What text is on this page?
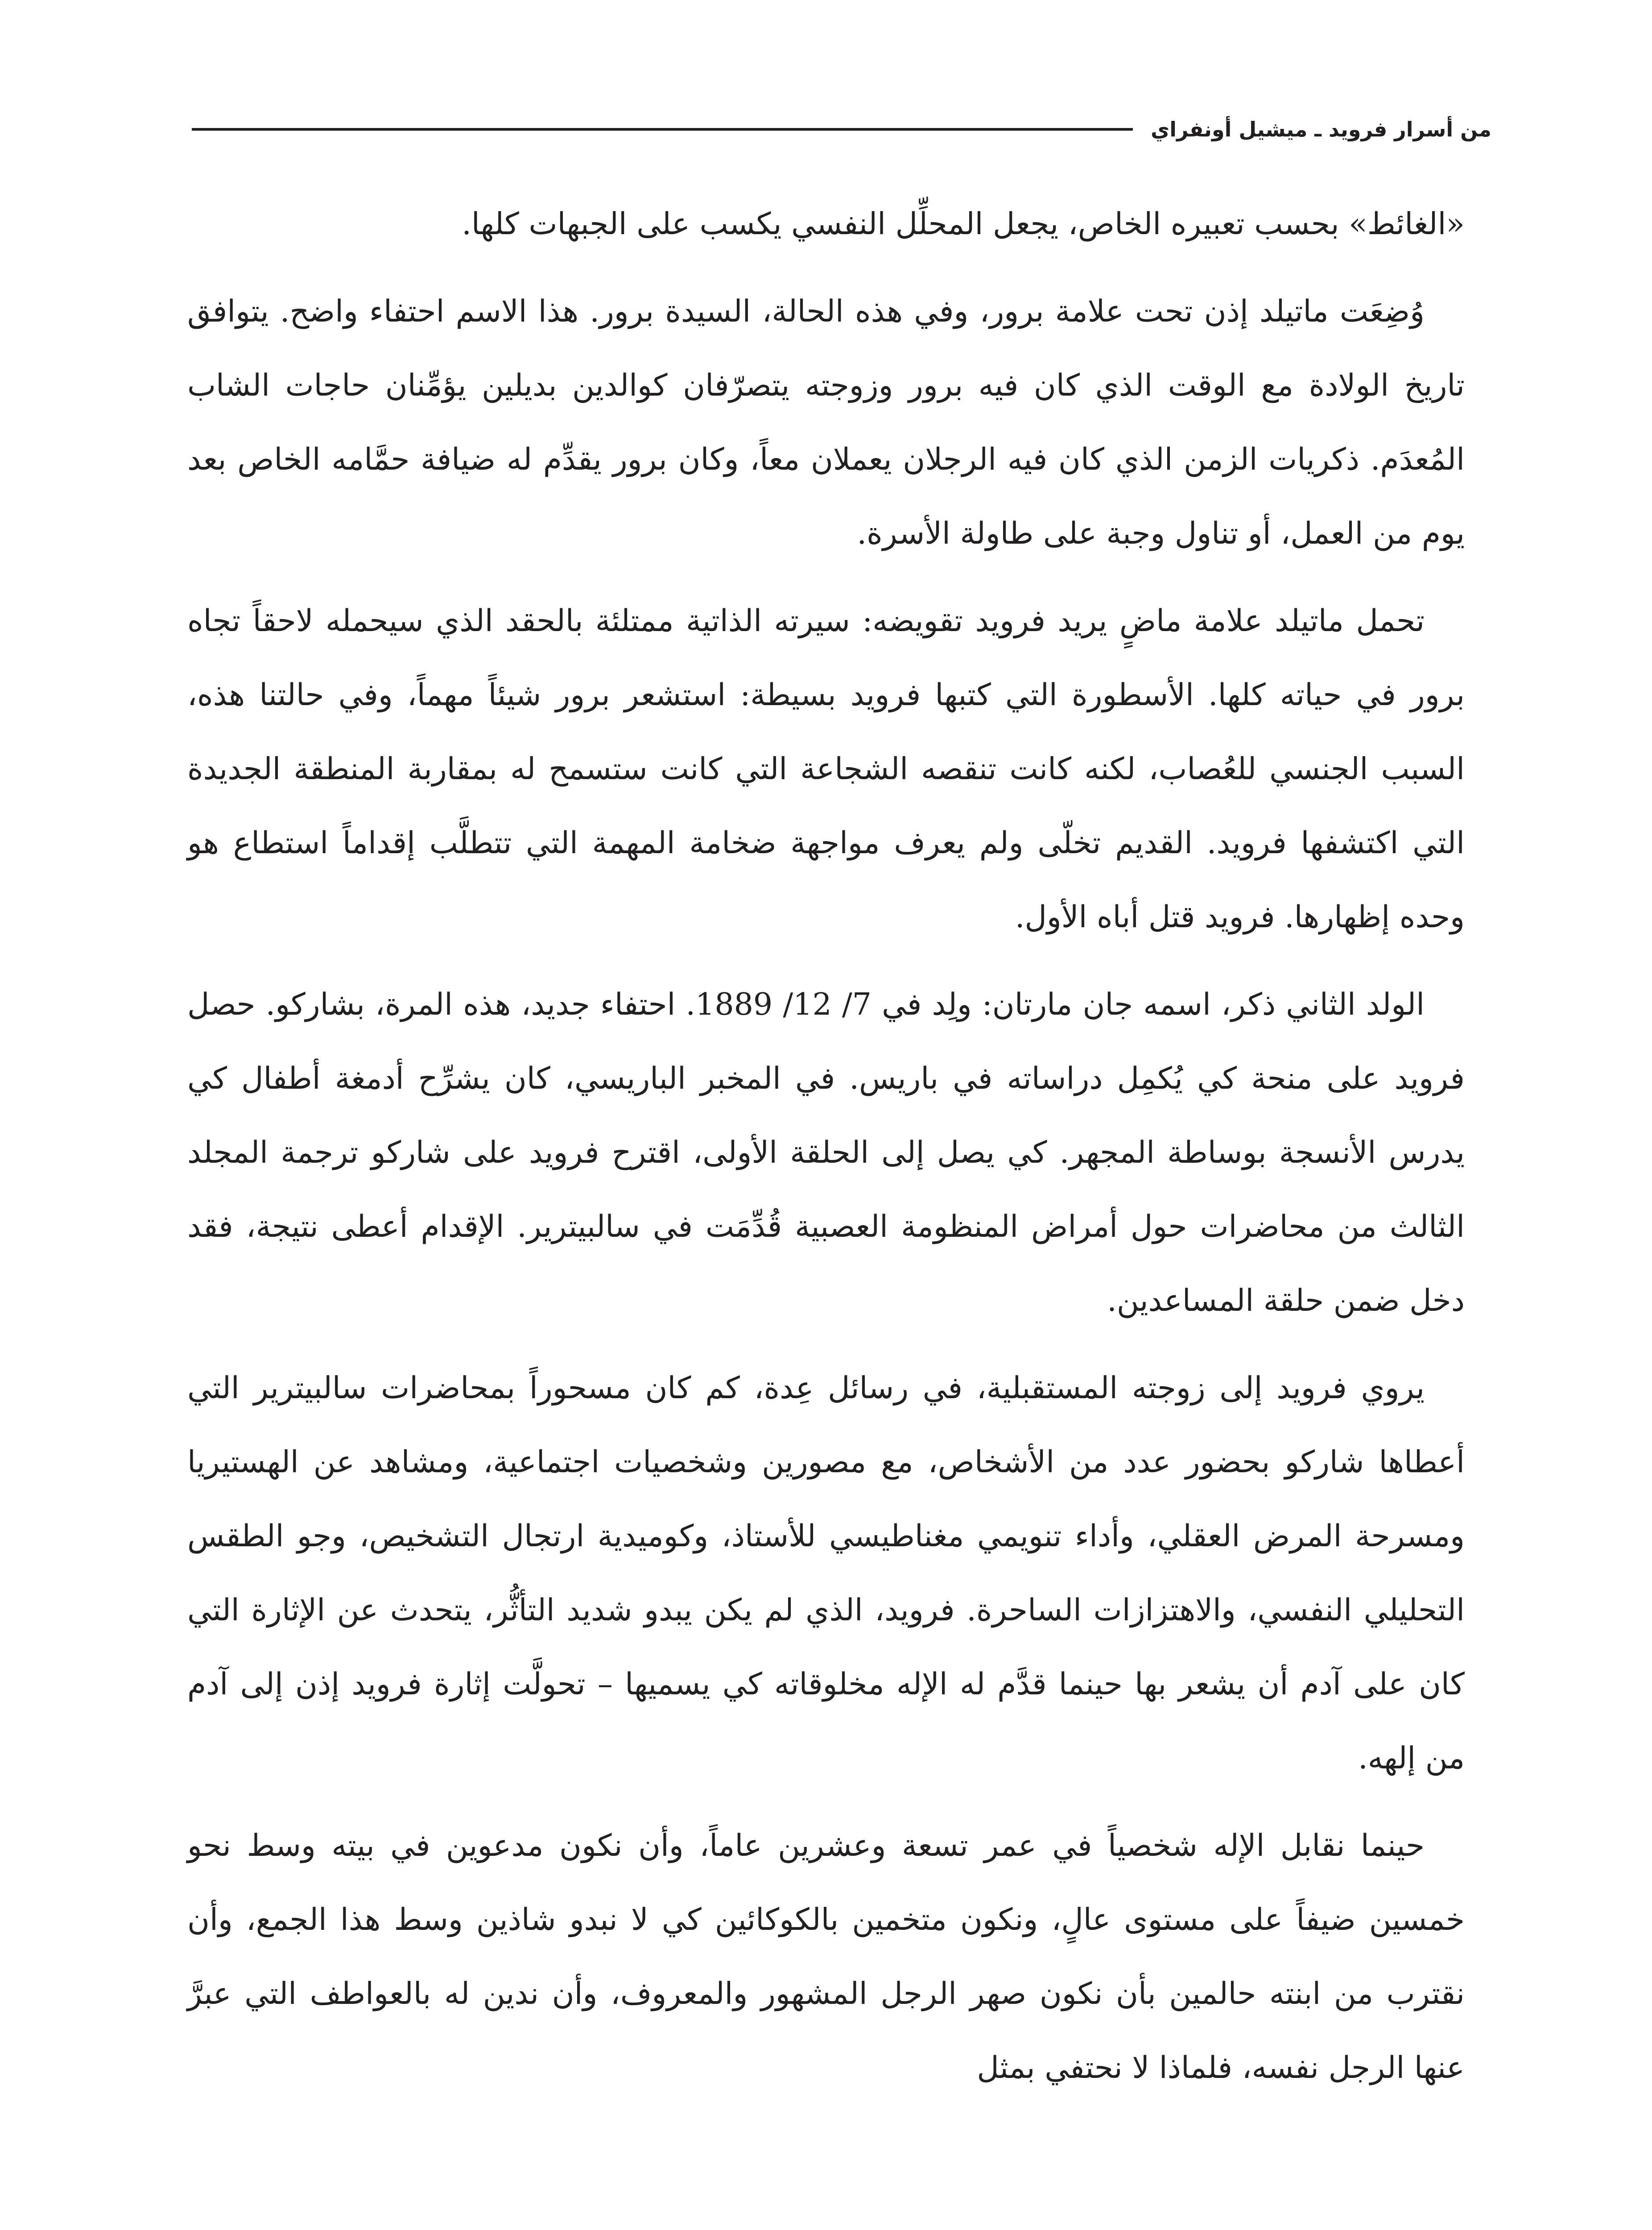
من أسرار فرويد ـ ميشيل أونفراي

«الغائط» بحسب تعبيره الخاص، يجعل المحلِّل النفسي يكسب على الجبهات كلها.

وُضِعَت ماتيلد إذن تحت علامة برور، وفي هذه الحالة، السيدة برور. هذا الاسم احتفاء واضح. يتوافق تاريخ الولادة مع الوقت الذي كان فيه برور وزوجته يتصرّفان كوالدين بديلين يؤمِّنان حاجات الشاب المُعدَم. ذكريات الزمن الذي كان فيه الرجلان يعملان معاً، وكان برور يقدِّم له ضيافة حمَّامه الخاص بعد يوم من العمل، أو تناول وجبة على طاولة الأسرة.

تحمل ماتيلد علامة ماضٍ يريد فرويد تقويضه: سيرته الذاتية ممتلئة بالحقد الذي سيحمله لاحقاً تجاه برور في حياته كلها. الأسطورة التي كتبها فرويد بسيطة: استشعر برور شيئاً مهماً، وفي حالتنا هذه، السبب الجنسي للعُصاب، لكنه كانت تنقصه الشجاعة التي كانت ستسمح له بمقاربة المنطقة الجديدة التي اكتشفها فرويد. القديم تخلّى ولم يعرف مواجهة ضخامة المهمة التي تتطلَّب إقداماً استطاع هو وحده إظهارها. فرويد قتل أباه الأول.

الولد الثاني ذكر، اسمه جان مارتان: ولِد في 7/ 12/ 1889. احتفاء جديد، هذه المرة، بشاركو. حصل فرويد على منحة كي يُكمِل دراساته في باريس. في المخبر الباريسي، كان يشرِّح أدمغة أطفال كي يدرس الأنسجة بوساطة المجهر. كي يصل إلى الحلقة الأولى، اقترح فرويد على شاركو ترجمة المجلد الثالث من محاضرات حول أمراض المنظومة العصبية قُدِّمَت في سالبيترير. الإقدام أعطى نتيجة، فقد دخل ضمن حلقة المساعدين.

يروي فرويد إلى زوجته المستقبلية، في رسائل عِدة، كم كان مسحوراً بمحاضرات سالبيترير التي أعطاها شاركو بحضور عدد من الأشخاص، مع مصورين وشخصيات اجتماعية، ومشاهد عن الهستيريا ومسرحة المرض العقلي، وأداء تنويمي مغناطيسي للأستاذ، وكوميدية ارتجال التشخيص، وجو الطقس التحليلي النفسي، والاهتزازات الساحرة. فرويد، الذي لم يكن يبدو شديد التأثُّر، يتحدث عن الإثارة التي كان على آدم أن يشعر بها حينما قدَّم له الإله مخلوقاته كي يسميها – تحولَّت إثارة فرويد إذن إلى آدم من إلهه.

حينما نقابل الإله شخصياً في عمر تسعة وعشرين عاماً، وأن نكون مدعوين في بيته وسط نحو خمسين ضيفاً على مستوى عالٍ، ونكون متخمين بالكوكائين كي لا نبدو شاذين وسط هذا الجمع، وأن نقترب من ابنته حالمين بأن نكون صهر الرجل المشهور والمعروف، وأن ندين له بالعواطف التي عبرَّ عنها الرجل نفسه، فلماذا لا نحتفي بمثل
